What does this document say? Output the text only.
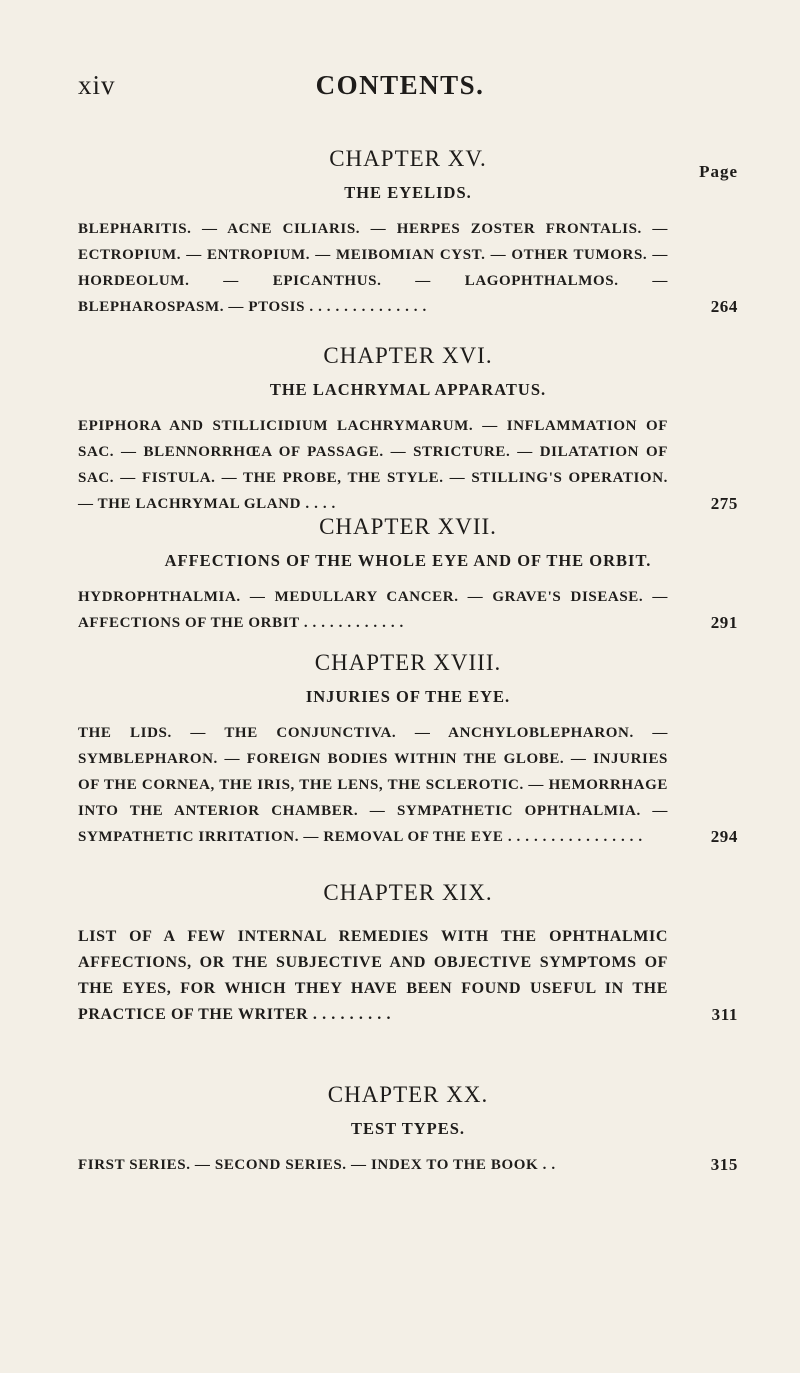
xiv	CONTENTS.
CHAPTER XV.
Page
THE EYELIDS.
BLEPHARITIS. — ACNE CILIARIS. — HERPES ZOSTER FRONTALIS. — ECTROPIUM. — ENTROPIUM. — MEIBOMIAN CYST. — OTHER TUMORS. — HORDEOLUM. — EPICANTHUS. — LAGOPHTHALMOS. — BLEPHAROSPASM. — PTOSIS . . . . . . . . . . . . . .	264
CHAPTER XVI.
THE LACHRYMAL APPARATUS.
EPIPHORA AND STILLICIDIUM LACHRYMARUM. — INFLAMMATION OF SAC. — BLENNORRHŒA OF PASSAGE. — STRICTURE. — DILATATION OF SAC. — FISTULA. — THE PROBE, THE STYLE. — STILLING'S OPERATION. — THE LACHRYMAL GLAND . . . .	275
CHAPTER XVII.
AFFECTIONS OF THE WHOLE EYE AND OF THE ORBIT.
HYDROPHTHALMIA. — MEDULLARY CANCER. — GRAVE'S DISEASE. — AFFECTIONS OF THE ORBIT . . . . . . . . . . . .	291
CHAPTER XVIII.
INJURIES OF THE EYE.
THE LIDS. — THE CONJUNCTIVA. — ANCHYLOBLEPHARON. — SYMBLEPHARON. — FOREIGN BODIES WITHIN THE GLOBE. — INJURIES OF THE CORNEA, THE IRIS, THE LENS, THE SCLEROTIC. — HEMORRHAGE INTO THE ANTERIOR CHAMBER. — SYMPATHETIC OPHTHALMIA. — SYMPATHETIC IRRITATION. — REMOVAL OF THE EYE . . . . . . . . . . . . . . . .	294
CHAPTER XIX.
LIST OF A FEW INTERNAL REMEDIES WITH THE OPHTHALMIC AFFECTIONS, OR THE SUBJECTIVE AND OBJECTIVE SYMPTOMS OF THE EYES, FOR WHICH THEY HAVE BEEN FOUND USEFUL IN THE PRACTICE OF THE WRITER . . . . . . . . .	311
CHAPTER XX.
TEST TYPES.
FIRST SERIES. — SECOND SERIES. — INDEX TO THE BOOK . .	315
